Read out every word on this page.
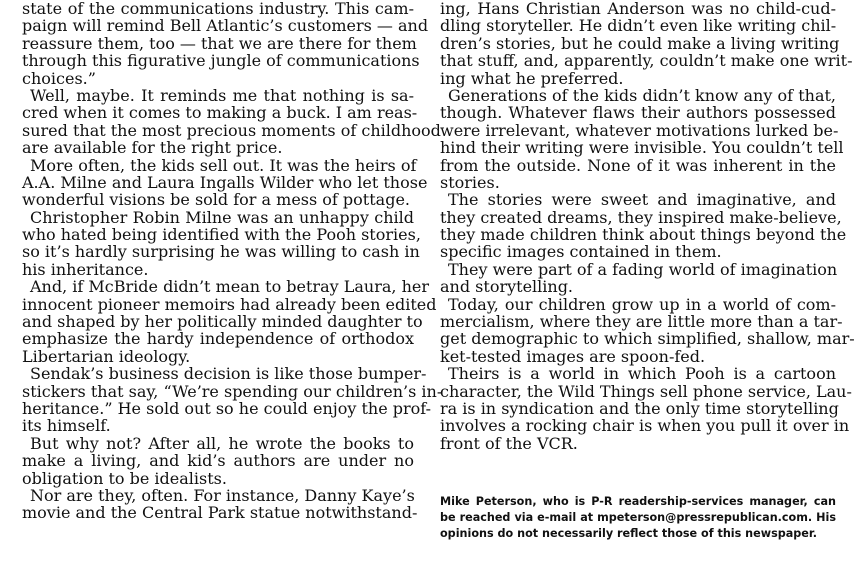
state of the communications industry. This cam-
paign will remind Bell Atlantic’s customers — and
reassure them, too — that we are there for them
through this figurative jungle of communications
choices.”
Well, maybe. It reminds me that nothing is sa-
cred when it comes to making a buck. I am reas-
sured that the most precious moments of childhood
are available for the right price.
More often, the kids sell out. It was the heirs of
A.A. Milne and Laura Ingalls Wilder who let those
wonderful visions be sold for a mess of pottage.
Christopher Robin Milne was an unhappy child
who hated being identified with the Pooh stories,
so it’s hardly surprising he was willing to cash in
his inheritance.
And, if McBride didn’t mean to betray Laura, her
innocent pioneer memoirs had already been edited
and shaped by her politically minded daughter to
emphasize the hardy independence of orthodox
Libertarian ideology.
Sendak’s business decision is like those bumper-
stickers that say, “We’re spending our children’s in-
heritance.” He sold out so he could enjoy the prof-
its himself.
But why not? After all, he wrote the books to
make a living, and kid’s authors are under no
obligation to be idealists.
Nor are they, often. For instance, Danny Kaye’s
movie and the Central Park statue notwithstand-
ing, Hans Christian Anderson was no child-cud-
dling storyteller. He didn’t even like writing chil-
dren’s stories, but he could make a living writing
that stuff, and, apparently, couldn’t make one writ-
ing what he preferred.
Generations of the kids didn’t know any of that,
though. Whatever flaws their authors possessed
were irrelevant, whatever motivations lurked be-
hind their writing were invisible. You couldn’t tell
from the outside. None of it was inherent in the
stories.
The stories were sweet and imaginative, and
they created dreams, they inspired make-believe,
they made children think about things beyond the
specific images contained in them.
They were part of a fading world of imagination
and storytelling.
Today, our children grow up in a world of com-
mercialism, where they are little more than a tar-
get demographic to which simplified, shallow, mar-
ket-tested images are spoon-fed.
Theirs is a world in which Pooh is a cartoon
character, the Wild Things sell phone service, Lau-
ra is in syndication and the only time storytelling
involves a rocking chair is when you pull it over in
front of the VCR.
Mike Peterson, who is P-R readership-services manager, can
be reached via e-mail at mpeterson@pressrepublican.com. His
opinions do not necessarily reflect those of this newspaper.
